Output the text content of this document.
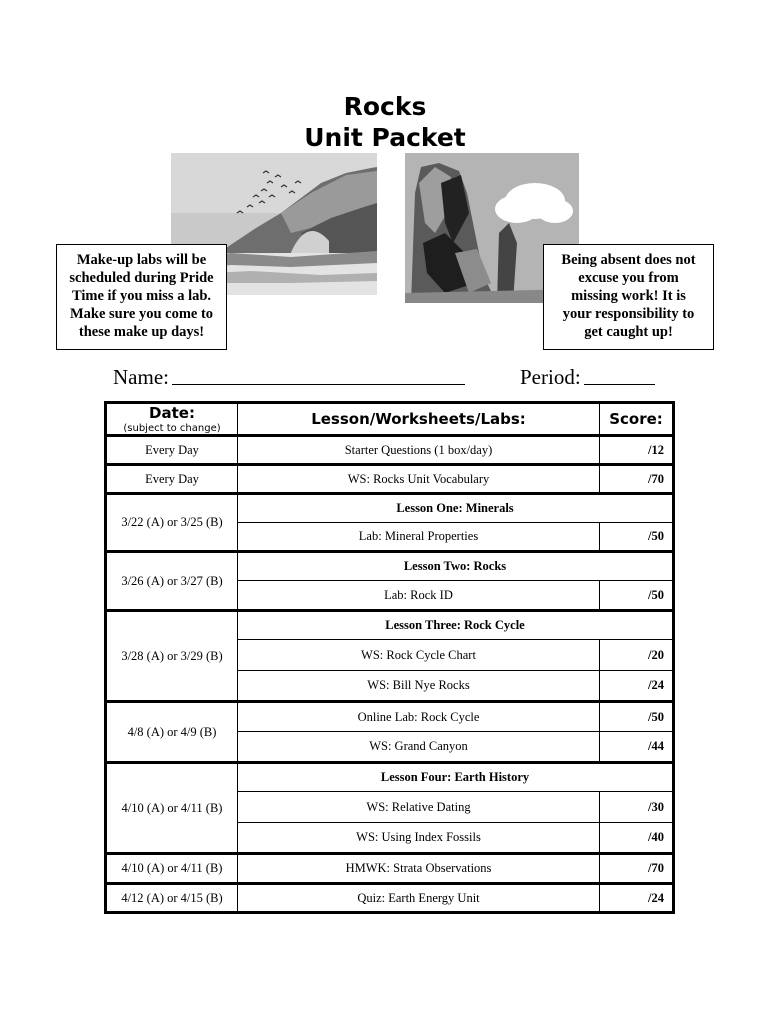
Rocks
Unit Packet
Make-up labs will be
scheduled during Pride
Time if you miss a lab.
Make sure you come to
these make up days!
Being absent does not
excuse you from
missing work! It is
your responsibility to
get caught up!
Name:	Period:
Date:
(subject to change)	Lesson/Worksheets/Labs:	Score:
Every Day	Starter Questions (1 box/day)	/12
Every Day	WS: Rocks Unit Vocabulary	/70
3/22 (A) or 3/25 (B)	Lesson One: Minerals	
	Lab: Mineral Properties	/50
3/26 (A) or 3/27 (B)	Lesson Two: Rocks	
	Lab: Rock ID	/50
3/28 (A) or 3/29 (B)	Lesson Three: Rock Cycle	
	WS: Rock Cycle Chart	/20
	WS: Bill Nye Rocks	/24
4/8 (A) or 4/9 (B)	Online Lab: Rock Cycle	/50
	WS: Grand Canyon	/44
4/10 (A) or 4/11 (B)	Lesson Four: Earth History	
	WS: Relative Dating	/30
	WS: Using Index Fossils	/40
4/10 (A) or 4/11 (B)	HMWK: Strata Observations	/70
4/12 (A) or 4/15 (B)	Quiz: Earth Energy Unit	/24
